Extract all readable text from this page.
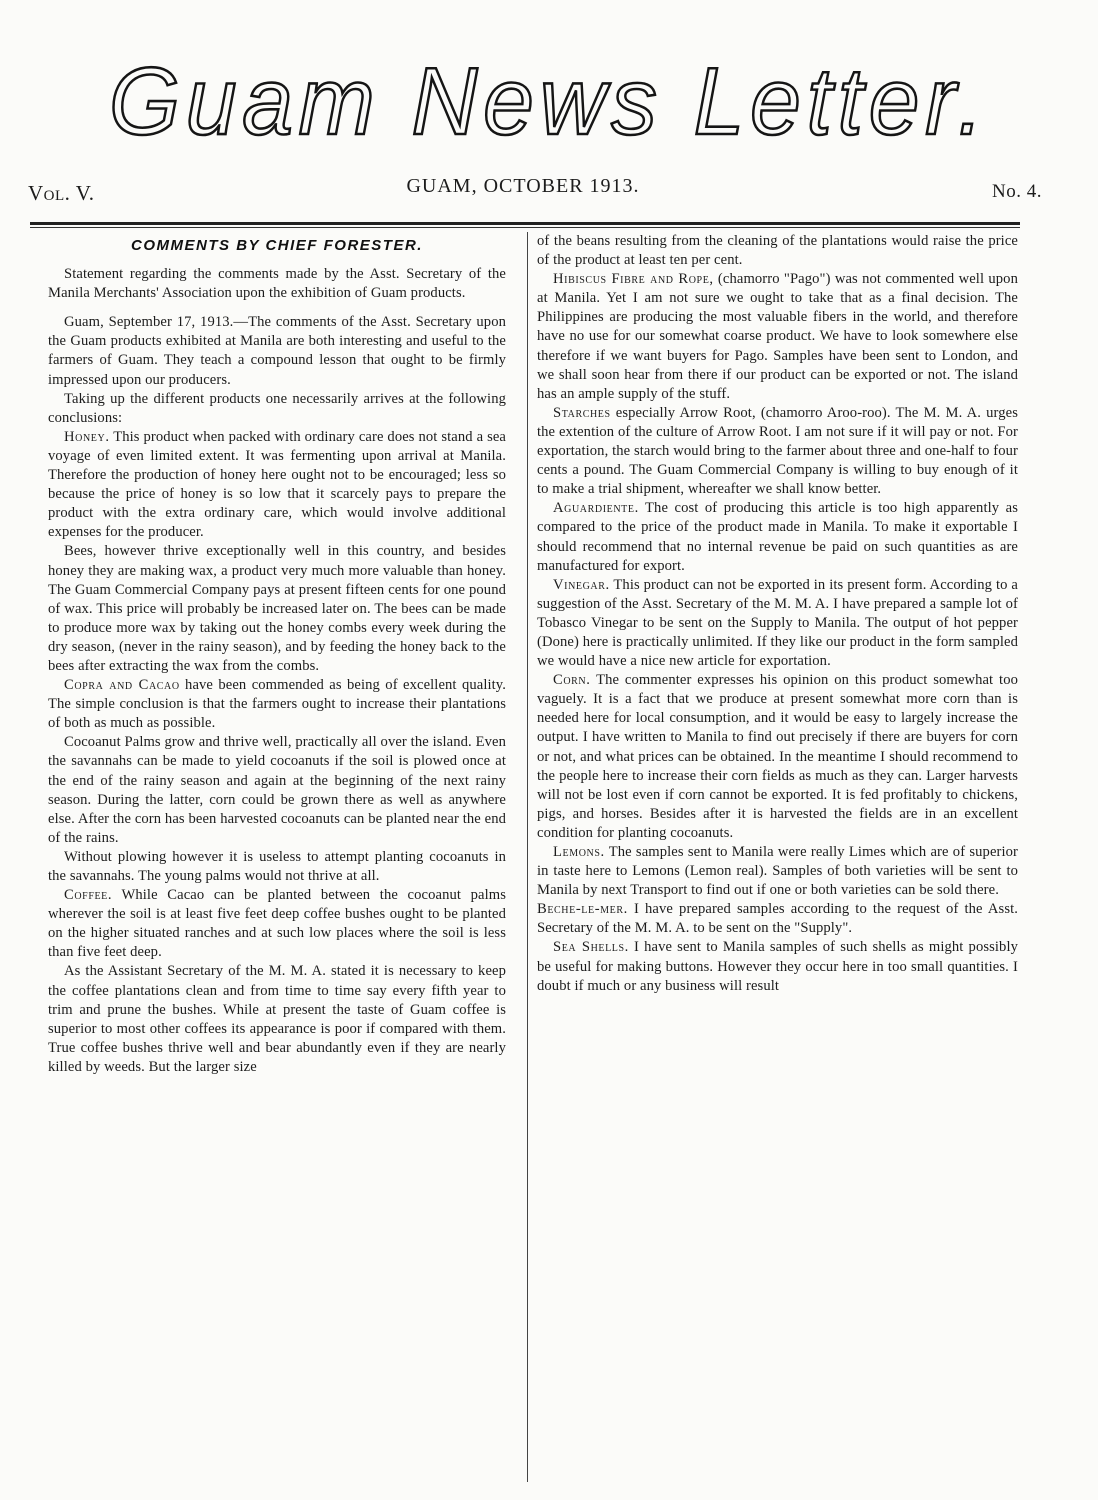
Guam News Letter.
Vol. V.	GUAM, OCTOBER 1913.	No. 4.
COMMENTS BY CHIEF FORESTER.

Statement regarding the comments made by the Asst. Secretary of the Manila Merchants' Association upon the exhibition of Guam products.

Guam, September 17, 1913.—The comments of the Asst. Secretary upon the Guam products exhibited at Manila are both interesting and useful to the farmers of Guam. They teach a compound lesson that ought to be firmly impressed upon our producers.

Taking up the different products one necessarily arrives at the following conclusions:

Honey. This product when packed with ordinary care does not stand a sea voyage of even limited extent. It was fermenting upon arrival at Manila. Therefore the production of honey here ought not to be encouraged; less so because the price of honey is so low that it scarcely pays to prepare the product with the extra ordinary care, which would involve additional expenses for the producer.

Bees, however thrive exceptionally well in this country, and besides honey they are making wax, a product very much more valuable than honey. The Guam Commercial Company pays at present fifteen cents for one pound of wax. This price will probably be increased later on. The bees can be made to produce more wax by taking out the honey combs every week during the dry season, (never in the rainy season), and by feeding the honey back to the bees after extracting the wax from the combs.

Copra and Cacao have been commended as being of excellent quality. The simple conclusion is that the farmers ought to increase their plantations of both as much as possible.

Cocoanut Palms grow and thrive well, practically all over the island. Even the savannahs can be made to yield cocoanuts if the soil is plowed once at the end of the rainy season and again at the beginning of the next rainy season. During the latter, corn could be grown there as well as anywhere else. After the corn has been harvested cocoanuts can be planted near the end of the rains.

Without plowing however it is useless to attempt planting cocoanuts in the savannahs. The young palms would not thrive at all.

Coffee. While Cacao can be planted between the cocoanut palms wherever the soil is at least five feet deep coffee bushes ought to be planted on the higher situated ranches and at such low places where the soil is less than five feet deep.

As the Assistant Secretary of the M. M. A. stated it is necessary to keep the coffee plantations clean and from time to time say every fifth year to trim and prune the bushes. While at present the taste of Guam coffee is superior to most other coffees its appearance is poor if compared with them. True coffee bushes thrive well and bear abundantly even if they are nearly killed by weeds. But the larger size

of the beans resulting from the cleaning of the plantations would raise the price of the product at least ten per cent.

Hibiscus Fibre and Rope, (chamorro "Pago") was not commented well upon at Manila. Yet I am not sure we ought to take that as a final decision. The Philippines are producing the most valuable fibers in the world, and therefore have no use for our somewhat coarse product. We have to look somewhere else therefore if we want buyers for Pago. Samples have been sent to London, and we shall soon hear from there if our product can be exported or not. The island has an ample supply of the stuff.

Starches especially Arrow Root, (chamorro Aroo-roo). The M. M. A. urges the extention of the culture of Arrow Root. I am not sure if it will pay or not. For exportation, the starch would bring to the farmer about three and one-half to four cents a pound. The Guam Commercial Company is willing to buy enough of it to make a trial shipment, whereafter we shall know better.

Aguardiente. The cost of producing this article is too high apparently as compared to the price of the product made in Manila. To make it exportable I should recommend that no internal revenue be paid on such quantities as are manufactured for export.

Vinegar. This product can not be exported in its present form. According to a suggestion of the Asst. Secretary of the M. M. A. I have prepared a sample lot of Tobasco Vinegar to be sent on the Supply to Manila. The output of hot pepper (Done) here is practically unlimited. If they like our product in the form sampled we would have a nice new article for exportation.

Corn. The commenter expresses his opinion on this product somewhat too vaguely. It is a fact that we produce at present somewhat more corn than is needed here for local consumption, and it would be easy to largely increase the output. I have written to Manila to find out precisely if there are buyers for corn or not, and what prices can be obtained. In the meantime I should recommend to the people here to increase their corn fields as much as they can. Larger harvests will not be lost even if corn cannot be exported. It is fed profitably to chickens, pigs, and horses. Besides after it is harvested the fields are in an excellent condition for planting cocoanuts.

Lemons. The samples sent to Manila were really Limes which are of superior in taste here to Lemons (Lemon real). Samples of both varieties will be sent to Manila by next Transport to find out if one or both varieties can be sold there.

Beche-le-mer. I have prepared samples according to the request of the Asst. Secretary of the M. M. A. to be sent on the "Supply".

Sea Shells. I have sent to Manila samples of such shells as might possibly be useful for making buttons. However they occur here in too small quantities. I doubt if much or any business will result
